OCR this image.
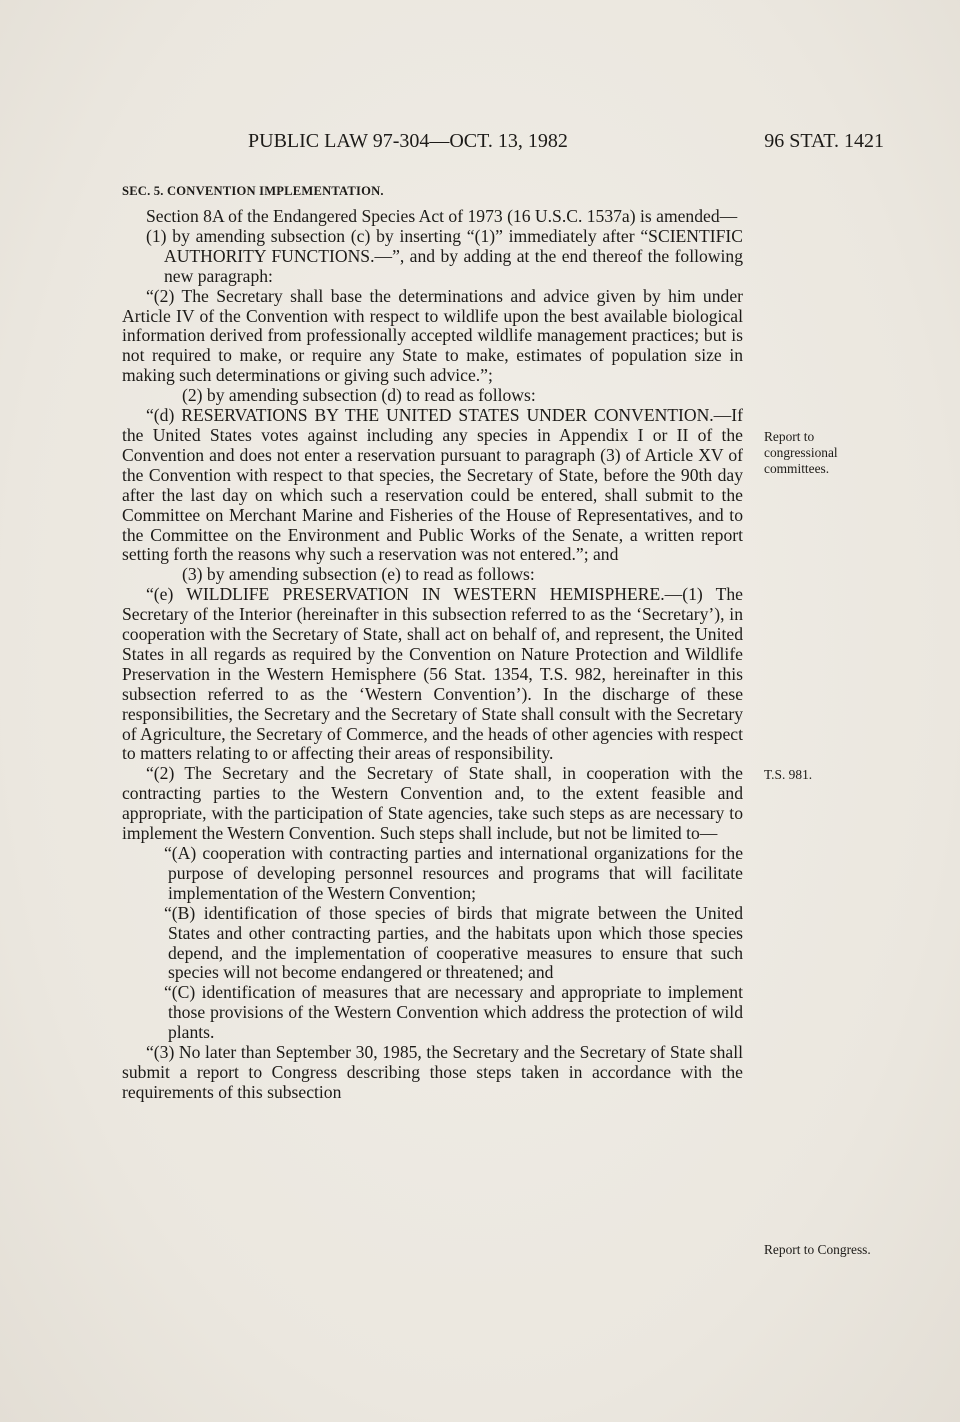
PUBLIC LAW 97-304—OCT. 13, 1982	96 STAT. 1421
SEC. 5. CONVENTION IMPLEMENTATION.

Section 8A of the Endangered Species Act of 1973 (16 U.S.C. 1537a) is amended—

(1) by amending subsection (c) by inserting “(1)” immediately after “SCIENTIFIC AUTHORITY FUNCTIONS.—”, and by adding at the end thereof the following new paragraph:

“(2) The Secretary shall base the determinations and advice given by him under Article IV of the Convention with respect to wildlife upon the best available biological information derived from professionally accepted wildlife management practices; but is not required to make, or require any State to make, estimates of population size in making such determinations or giving such advice.”;

(2) by amending subsection (d) to read as follows:

“(d) RESERVATIONS BY THE UNITED STATES UNDER CONVENTION.—If the United States votes against including any species in Appendix I or II of the Convention and does not enter a reservation pursuant to paragraph (3) of Article XV of the Convention with respect to that species, the Secretary of State, before the 90th day after the last day on which such a reservation could be entered, shall submit to the Committee on Merchant Marine and Fisheries of the House of Representatives, and to the Committee on the Environment and Public Works of the Senate, a written report setting forth the reasons why such a reservation was not entered.”; and

(3) by amending subsection (e) to read as follows:

“(e) WILDLIFE PRESERVATION IN WESTERN HEMISPHERE.—(1) The Secretary of the Interior (hereinafter in this subsection referred to as the ‘Secretary’), in cooperation with the Secretary of State, shall act on behalf of, and represent, the United States in all regards as required by the Convention on Nature Protection and Wildlife Preservation in the Western Hemisphere (56 Stat. 1354, T.S. 982, hereinafter in this subsection referred to as the ‘Western Convention’). In the discharge of these responsibilities, the Secretary and the Secretary of State shall consult with the Secretary of Agriculture, the Secretary of Commerce, and the heads of other agencies with respect to matters relating to or affecting their areas of responsibility.

“(2) The Secretary and the Secretary of State shall, in cooperation with the contracting parties to the Western Convention and, to the extent feasible and appropriate, with the participation of State agencies, take such steps as are necessary to implement the Western Convention. Such steps shall include, but not be limited to—

“(A) cooperation with contracting parties and international organizations for the purpose of developing personnel resources and programs that will facilitate implementation of the Western Convention;

“(B) identification of those species of birds that migrate between the United States and other contracting parties, and the habitats upon which those species depend, and the implementation of cooperative measures to ensure that such species will not become endangered or threatened; and

“(C) identification of measures that are necessary and appropriate to implement those provisions of the Western Convention which address the protection of wild plants.

“(3) No later than September 30, 1985, the Secretary and the Secretary of State shall submit a report to Congress describing those steps taken in accordance with the requirements of this subsection

Report to congressional committees.
T.S. 981.
Report to Congress.
